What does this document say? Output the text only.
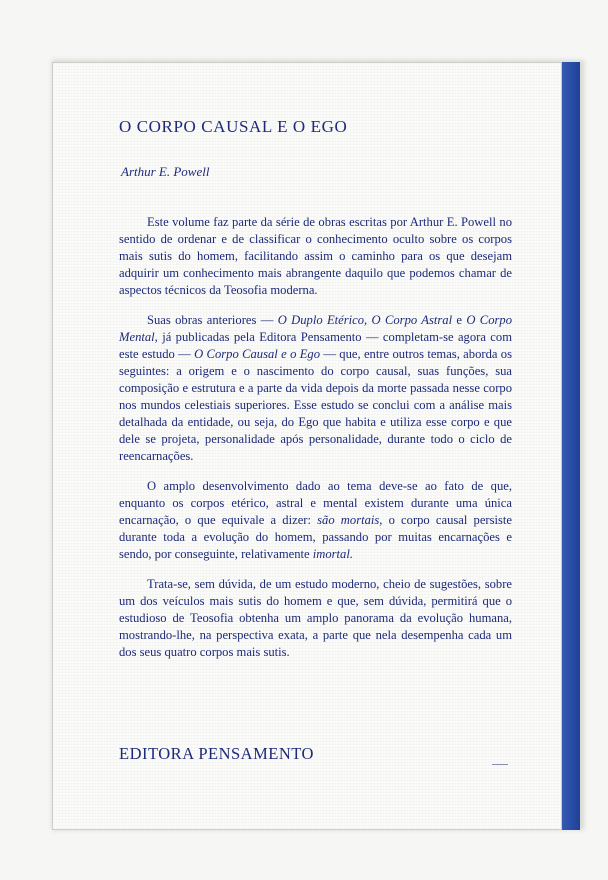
O CORPO CAUSAL E O EGO
Arthur E. Powell

Este volume faz parte da série de obras escritas por Arthur E. Powell no sentido de ordenar e de classificar o conhecimento oculto sobre os corpos mais sutis do homem, facilitando assim o caminho para os que desejam adquirir um conhecimento mais abrangente daquilo que podemos chamar de aspectos técnicos da Teosofia moderna.

Suas obras anteriores — O Duplo Etérico, O Corpo Astral e O Corpo Mental, já publicadas pela Editora Pensamento — completam-se agora com este estudo — O Corpo Causal e o Ego — que, entre outros temas, aborda os seguintes: a origem e o nascimento do corpo causal, suas funções, sua composição e estrutura e a parte da vida depois da morte passada nesse corpo nos mundos celestiais superiores. Esse estudo se conclui com a análise mais detalhada da entidade, ou seja, do Ego que habita e utiliza esse corpo e que dele se projeta, personalidade após personalidade, durante todo o ciclo de reencarnações.

O amplo desenvolvimento dado ao tema deve-se ao fato de que, enquanto os corpos etérico, astral e mental existem durante uma única encarnação, o que equivale a dizer: são mortais, o corpo causal persiste durante toda a evolução do homem, passando por muitas encarnações e sendo, por conseguinte, relativamente imortal.

Trata-se, sem dúvida, de um estudo moderno, cheio de sugestões, sobre um dos veículos mais sutis do homem e que, sem dúvida, permitirá que o estudioso de Teosofia obtenha um amplo panorama da evolução humana, mostrando-lhe, na perspectiva exata, a parte que nela desempenha cada um dos seus quatro corpos mais sutis.

EDITORA PENSAMENTO
